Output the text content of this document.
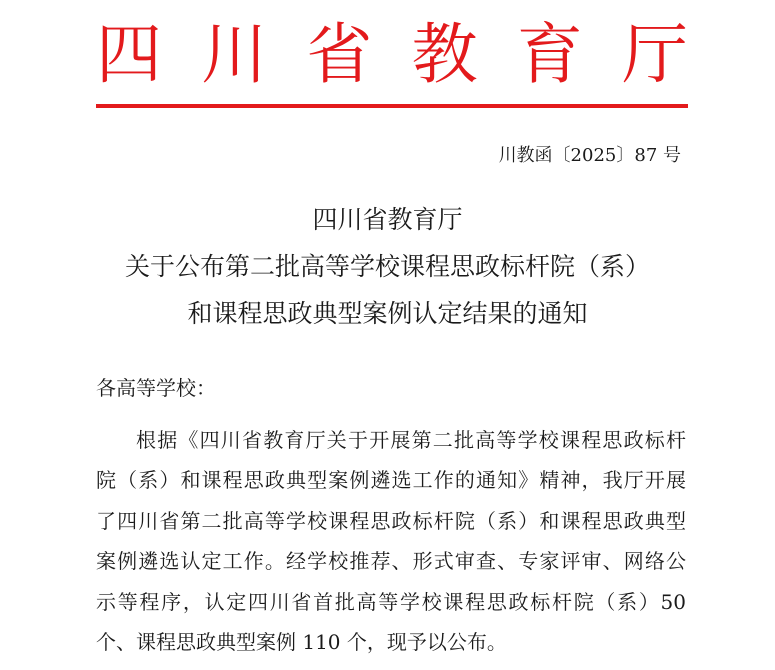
四 川 省 教 育 厅
川教函〔2025〕87 号
四川省教育厅
关于公布第二批高等学校课程思政标杆院（系）
和课程思政典型案例认定结果的通知
各高等学校：
根据《四川省教育厅关于开展第二批高等学校课程思政标杆
院（系）和课程思政典型案例遴选工作的通知》精神，我厅开展
了四川省第二批高等学校课程思政标杆院（系）和课程思政典型
案例遴选认定工作。经学校推荐、形式审查、专家评审、网络公
示等程序，认定四川省首批高等学校课程思政标杆院（系）50
个、课程思政典型案例 110 个，现予以公布。
